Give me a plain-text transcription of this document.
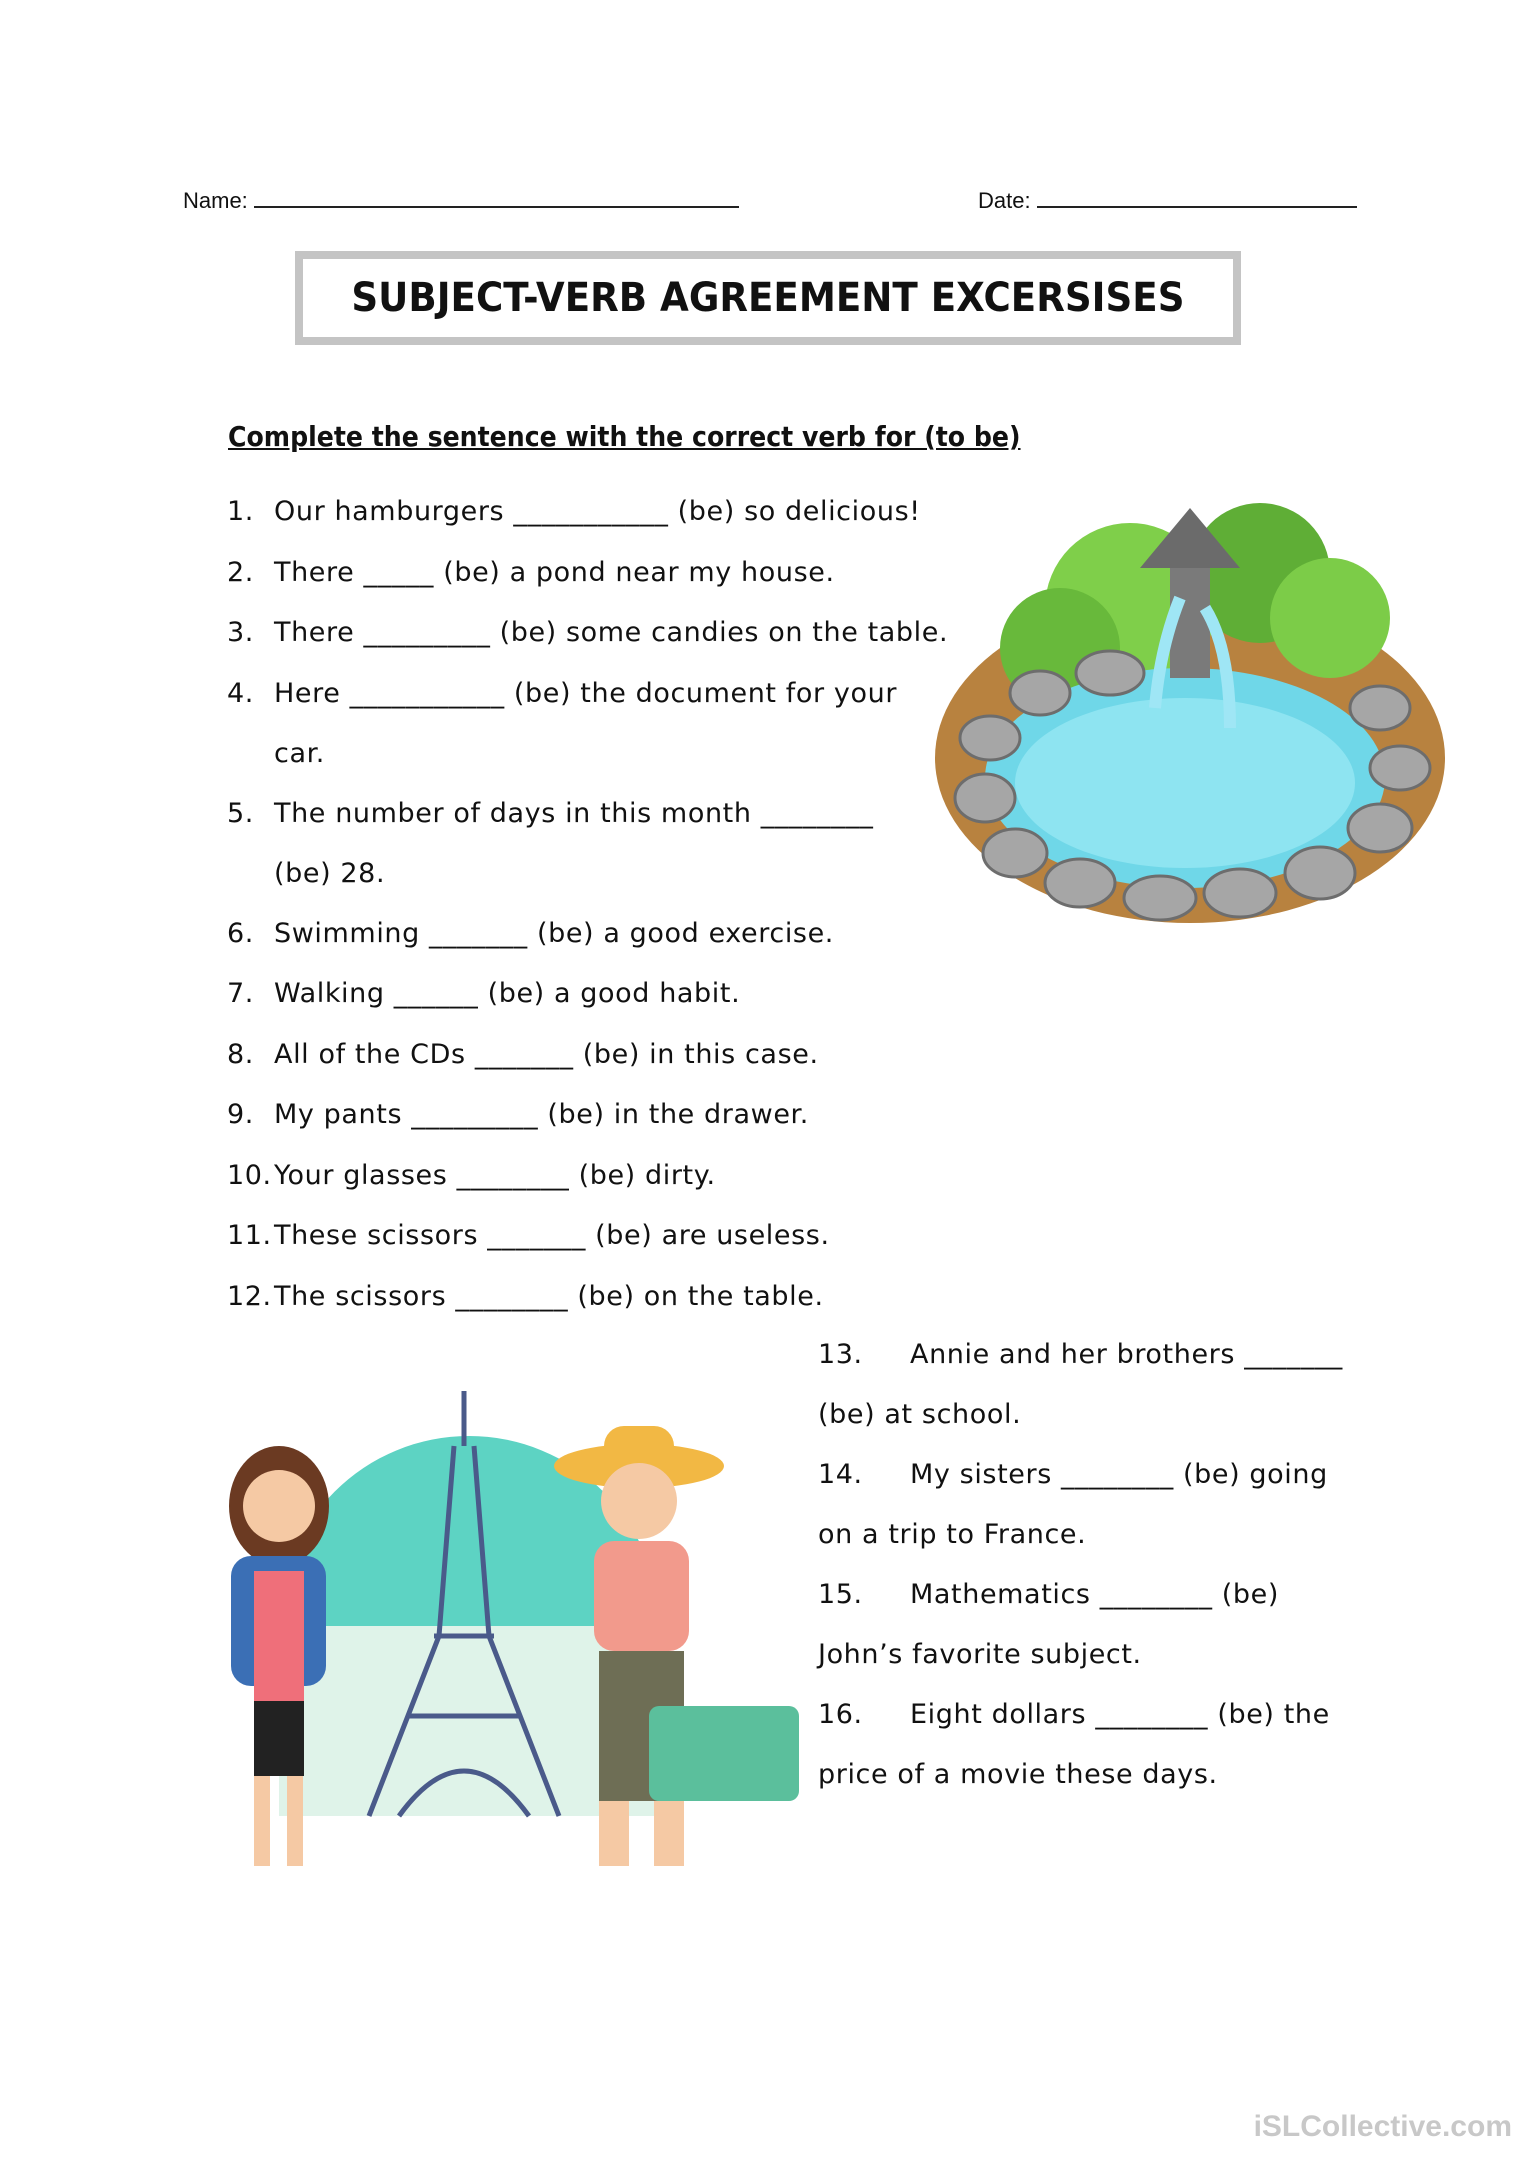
Name:	Date:
SUBJECT-VERB AGREEMENT EXCERSISES
Complete the sentence with the correct verb for (to be)
1. Our hamburgers ___________ (be) so delicious!
2. There _____ (be) a pond near my house.
3. There _________ (be) some candies on the table.
4. Here ___________ (be) the document for your
car.
5. The number of days in this month ________
(be) 28.
6. Swimming _______ (be) a good exercise.
7. Walking ______ (be) a good habit.
8. All of the CDs _______ (be) in this case.
9. My pants _________ (be) in the drawer.
10. Your glasses ________ (be) dirty.
11. These scissors _______ (be) are useless.
12. The scissors ________ (be) on the table.
13. Annie and her brothers _______
(be) at school.
14. My sisters ________ (be) going
on a trip to France.
15. Mathematics ________ (be)
John’s favorite subject.
16. Eight dollars ________ (be) the
price of a movie these days.
iSLCollective.com
